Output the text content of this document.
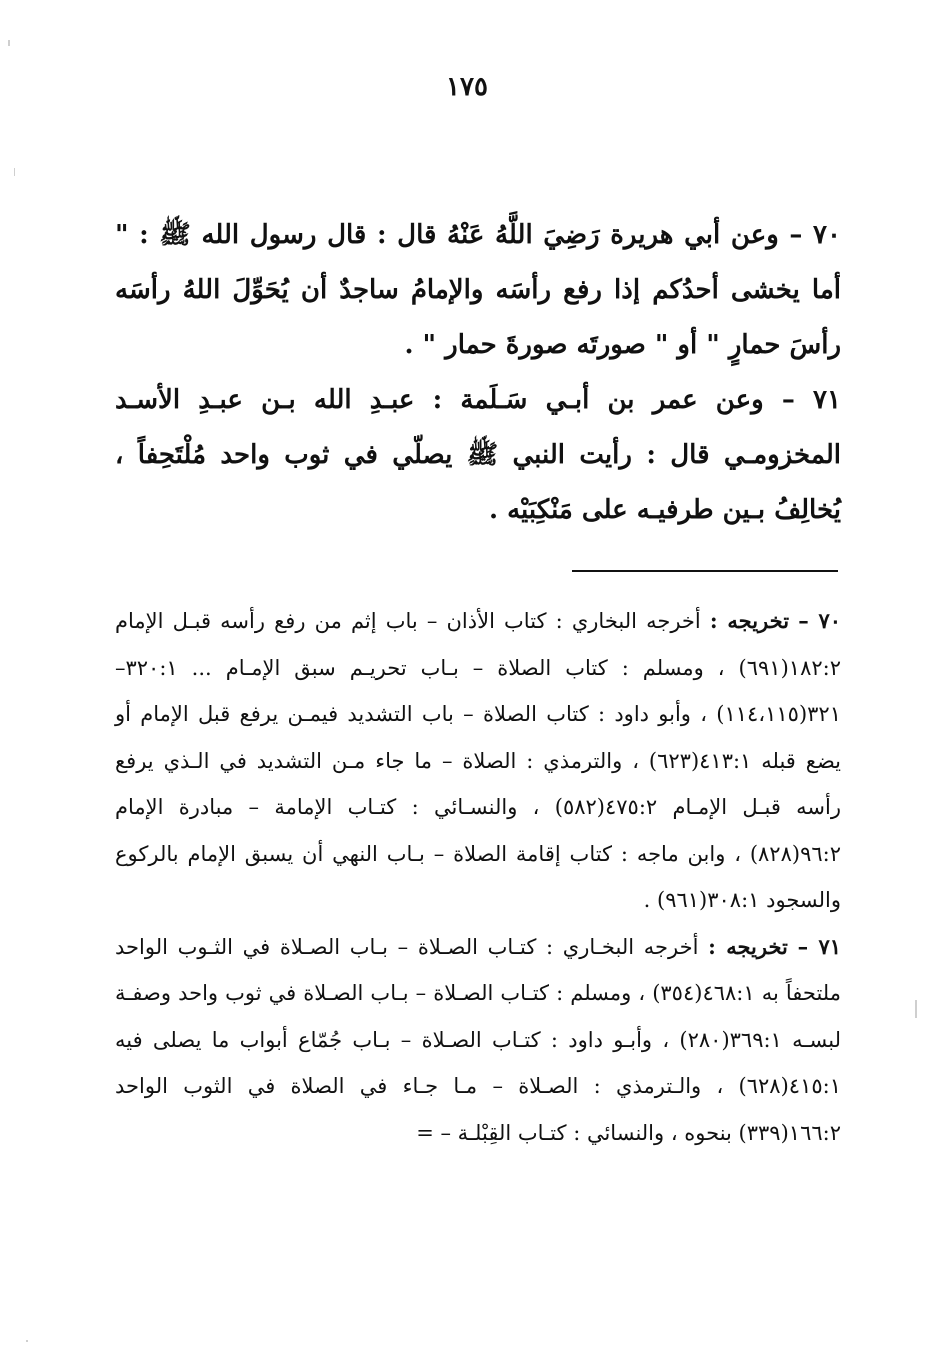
١٧٥

٧٠ – وعن أبي هريرة رَضِيَ اللَّهُ عَنْهُ قال : قال رسول الله ﷺ : " أما يخشى أحدُكم إذا رفع رأسَه والإمامُ ساجدٌ أن يُحَوِّلَ اللهُ رأسَه رأسَ حمارٍ " أو " صورتَه صورةَ حمار " .

٧١ – وعن عمر بن أبـي سَـلَمة : عبـدِ الله بـن عبـدِ الأسـد المخزومـي قال : رأيت النبي ﷺ يصلّي في ثوب واحد مُلْتَحِفاً ، يُخالِفُ بـين طرفيـه على مَنْكِبَيْه .

٧٠ – تخريجه : أخرجه البخاري : كتاب الأذان – باب إثم من رفع رأسه قبـل الإمام ١٨٢:٢(٦٩١) ، ومسلم : كتاب الصلاة – بـاب تحريـم سبق الإمـام ... ٣٢٠:١–٣٢١(١١٤،١١٥) ، وأبو داود : كتاب الصلاة – باب التشديد فيمـن يرفع قبل الإمام أو يضع قبله ٤١٣:١(٦٢٣) ، والترمذي : الصلاة – ما جاء مـن التشديد في الـذي يرفع رأسه قبـل الإمـام ٤٧٥:٢(٥٨٢) ، والنسـائي : كتـاب الإمامة – مبادرة الإمام ٩٦:٢(٨٢٨) ، وابن ماجه : كتاب إقامة الصلاة – بـاب النهي أن يسبق الإمام بالركوع والسجود ٣٠٨:١(٩٦١) .

٧١ – تخريجه : أخرجه البخـاري : كتـاب الصـلاة – بـاب الصـلاة في الثـوب الواحد ملتحفاً به ٤٦٨:١(٣٥٤) ، ومسلم : كتـاب الصـلاة – بـاب الصـلاة في ثوب واحد وصفـة لبسـه ٣٦٩:١(٢٨٠) ، وأبـو داود : كتـاب الصـلاة – بـاب جُمّاع أبواب ما يصلى فيه ٤١٥:١(٦٢٨) ، والـترمذي : الصـلاة – مـا جـاء في الصلاة في الثوب الواحد ١٦٦:٢(٣٣٩) بنحوه ، والنسائي : كتـاب القِبْلـة – =
